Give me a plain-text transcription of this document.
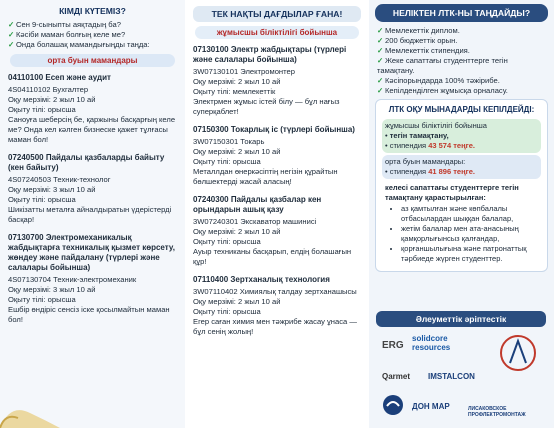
КІМДІ КҮТЕМІЗ?
✓ Сен 9-сыныпты аяқтадың ба?
✓ Кәсіби маман болғың келе ме?
✓ Онда болашақ мамандығыңды таңда:
орта буын мамандары
04110100 Есеп және аудит
4S04110102 Бухгалтер
Оқу мерзімі: 2 жыл 10 ай
Оқыту тілі: орысша
Саноуға шеберсің бе, қаржыны басқарғың келе ме? Онда кел кәлген бизнеске қажет тұлғасы маман бол!
07240500 Пайдалы қазбаларды байыту (кен байыту)
4S07240503 Техник-технолог
Оқу мерзімі: 3 жыл 10 ай
Оқыту тілі: орысша
Шикізатты металға айналдыратын үдерістерді басқар!
07130700 Электромеханикалық жабдықтарға техникалық қызмет көрсету, жөндеу және пайдалану (түрлері және салалары бойынша)
4S07130704 Техник-электромеханик
Оқу мерзімі: 3 жыл 10 ай
Оқыту тілі: орысша
Ешбір өндіріс сенсіз іске қосылмайтын маман бол!
ТЕК НАҚТЫ ДАҒДЫЛАР ҒАНА!
жұмысшы біліктілігі бойынша
07130100 Электр жабдықтары (түрлері және салалары бойынша)
3W07130101 Электромонтер
Оқу мерзімі: 2 жыл 10 ай
Оқыту тілі: мемлекеттік
Электрмен жұмыс істей білу — бұл нағыз суперқаблет!
07150300 Токарлық іс (түрлері бойынша)
3W07150301 Токарь
Оқу мерзімі: 2 жыл 10 ай
Оқыту тілі: орысша
Металлдан өнеркәсіптің негізін құрайтын бөлшектерді жасай аласың!
07240300 Пайдалы қазбалар кен орындарын ашық қазу
3W07240301 Экскаватор машинисі
Оқу мерзімі: 2 жыл 10 ай
Оқыту тілі: орысша
Ауыр техниканы басқарып, елдің болашағын құр!
07110400 Зертханалық технология
3W07110402 Химиялық талдау зертханашысы
Оқу мерзімі: 2 жыл 10 ай
Оқыту тілі: орысша
Егер саған химия мен тәжрибе жасау ұнаса — бұл сенің жолың!
НЕЛІКТЕН ЛТК-НЫ ТАҢДАЙДЫ?
✓ Мемлекеттік диплом.
✓ 200 бюджеттік орын.
✓ Мемлекеттік стипендия.
✓ Жеке сапаттағы студенттерге тегін тамақтану.
✓ Кәсіпорындарда 100% тәжірибе.
✓ Кепілденділген жұмысқа орналасу.
ЛТК ОҚУ МЫНАДАРДЫ КЕПІЛДЕЙДІ:
жұмысшы біліктілігі бойынша
• тегін тамақтану,
• стипендия 43 574 теңге.
орта буын мамандары:
• стипендия 41 896 теңге.
келесі сапаттағы студенттерге тегін тамақтану қарастырылған:
• аз қамтылған және көпбалалы отбасылардан шыққан балалар,
• жетім балалар мен ата-анасының қамқорлығынсыз қалғандар,
• қорғаншылығына және патронаттық тәрбиеде жүрген студенттер.
Әлеуметтік әріптестік
ERG
solidcore resources
Qarmet IMSTALCON
ДОН МАР	ЛИСАКОВСКОЕ ПРОФЛЕКТРОМОНТАЖ
